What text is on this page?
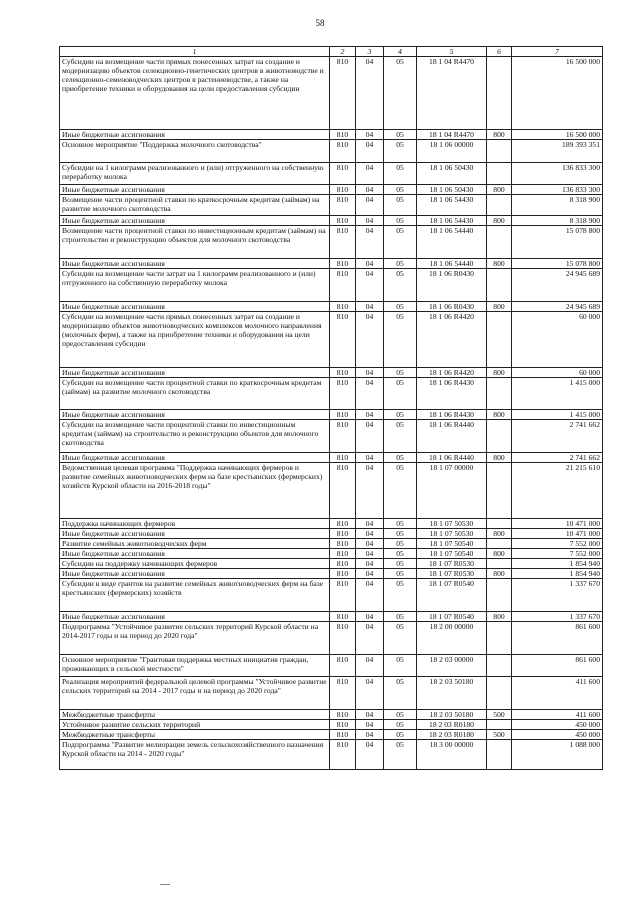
58
1	2	3	4	5	6	7
Субсидии на возмещение части прямых понесенных затрат на создание и модернизацию объектов селекционно-генетических центров в животноводстве и селекционно-семеноводческих центров в растениеводстве, а также на приобретение техники и оборудования на цели предоставления субсидии	810	04	05	18 1 04 R4470		16 500 000
Иные бюджетные ассигнования	810	04	05	18 1 04 R4470	800	16 500 000
Основное мероприятие "Поддержка молочного скотоводства"	810	04	05	18 1 06 00000		189 393 351
Субсидии на 1 килограмм реализованного и (или) отгруженного на собственную переработку молока	810	04	05	18 1 06 50430		136 833 300
Иные бюджетные ассигнования	810	04	05	18 1 06 50430	800	136 833 300
Возмещение части процентной ставки по краткосрочным кредитам (займам) на развитие молочного скотоводства	810	04	05	18 1 06 54430		8 318 900
Иные бюджетные ассигнования	810	04	05	18 1 06 54430	800	8 318 900
Возмещение части процентной ставки по инвестиционным кредитам (займам) на строительство и реконструкцию объектов для молочного скотоводства	810	04	05	18 1 06 54440		15 078 800
Иные бюджетные ассигнования	810	04	05	18 1 06 54440	800	15 078 800
Субсидии на возмещение части затрат на 1 килограмм реализованного и (или) отгруженного на собственную переработку молока	810	04	05	18 1 06 R0430		24 945 689
Иные бюджетные ассигнования	810	04	05	18 1 06 R0430	800	24 945 689
Субсидии на возмещение части прямых понесенных затрат на создание и модернизацию объектов животноводческих комплексов молочного направления (молочных ферм), а также на приобретение техники и оборудования на цели предоставления субсидии	810	04	05	18 1 06 R4420		60 000
Иные бюджетные ассигнования	810	04	05	18 1 06 R4420	800	60 000
Субсидии на возмещение части процентной ставки по краткосрочным кредитам (займам) на развитие молочного скотоводства	810	04	05	18 1 06 R4430		1 415 000
Иные бюджетные ассигнования	810	04	05	18 1 06 R4430	800	1 415 000
Субсидии на возмещение части процентной ставки по инвестиционным кредитам (займам) на строительство и реконструкцию объектов для молочного скотоводства	810	04	05	18 1 06 R4440		2 741 662
Иные бюджетные ассигнования	810	04	05	18 1 06 R4440	800	2 741 662
Ведомственная целевая программа "Поддержка начинающих фермеров и развитие семейных животноводческих ферм на базе крестьянских (фермерских) хозяйств Курской области на 2016-2018 годы"	810	04	05	18 1 07 00000		21 215 610
Поддержка начинающих фермеров	810	04	05	18 1 07 50530		10 471 000
Иные бюджетные ассигнования	810	04	05	18 1 07 50530	800	10 471 000
Развитие семейных животноводческих ферм	810	04	05	18 1 07 50540		7 552 000
Иные бюджетные ассигнования	810	04	05	18 1 07 50540	800	7 552 000
Субсидии на поддержку начинающих фермеров	810	04	05	18 1 07 R0530		1 854 940
Иные бюджетные ассигнования	810	04	05	18 1 07 R0530	800	1 854 940
Субсидии в виде грантов на развитие семейных животноводческих ферм на базе крестьянских (фермерских) хозяйств	810	04	05	18 1 07 R0540		1 337 670
Иные бюджетные ассигнования	810	04	05	18 1 07 R0540	800	1 337 670
Подпрограмма "Устойчивое развитие сельских территорий Курской области на 2014-2017 годы и на период до 2020 года"	810	04	05	18 2 00 00000		861 600
Основное мероприятие "Грантовая поддержка местных инициатив граждан, проживающих в сельской местности"	810	04	05	18 2 03 00000		861 600
Реализация мероприятий федеральной целевой программы "Устойчивое развитие сельских территорий на 2014 - 2017 годы и на период до 2020 года"	810	04	05	18 2 03 50180		411 600
Межбюджетные трансферты	810	04	05	18 2 03 50180	500	411 600
Устойчивое развитие сельских территорий	810	04	05	18 2 03 R0180		450 000
Межбюджетные трансферты	810	04	05	18 2 03 R0180	500	450 000
Подпрограмма "Развитие мелиорации земель сельскохозяйственного назначения Курской области на 2014 - 2020 годы"	810	04	05	18 3 00 00000		1 088 000
